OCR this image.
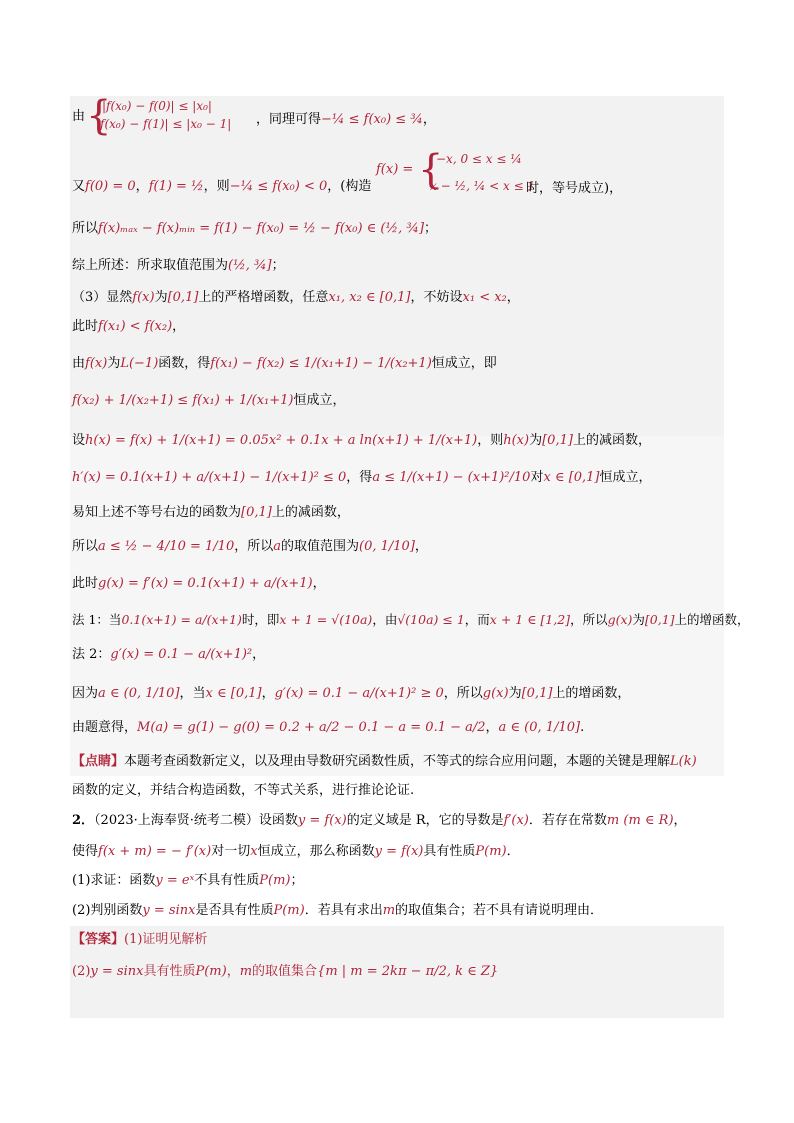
由 {
|f(x₀) − f(0)| ≤ |x₀|
|f(x₀) − f(1)| ≤ |x₀ − 1| ，同理可得−¼ ≤ f(x₀) ≤ ¾，
又f(0) = 0，f(1) = ½，则−¼ ≤ f(x₀) < 0，(构造
f(x) = {
−x, 0 ≤ x ≤ ¼
x − ½, ¼ < x ≤ 1
时，等号成立)，
所以f(x)ₘₐₓ − f(x)ₘᵢₙ = f(1) − f(x₀) = ½ − f(x₀) ∈ (½, ¾]；
综上所述：所求取值范围为(½, ¾]；
（3）显然f(x)为[0,1]上的严格增函数，任意x₁, x₂ ∈ [0,1]，不妨设x₁ < x₂，
此时f(x₁) < f(x₂)，
由f(x)为L(−1)函数，得f(x₁) − f(x₂) ≤ 1/(x₁+1) − 1/(x₂+1)恒成立，即
f(x₂) + 1/(x₂+1) ≤ f(x₁) + 1/(x₁+1)恒成立，
设h(x) = f(x) + 1/(x+1) = 0.05x² + 0.1x + a ln(x+1) + 1/(x+1)，则h(x)为[0,1]上的减函数，
h′(x) = 0.1(x+1) + a/(x+1) − 1/(x+1)² ≤ 0，得a ≤ 1/(x+1) − (x+1)²/10对x ∈ [0,1]恒成立，
易知上述不等号右边的函数为[0,1]上的减函数，
所以a ≤ ½ − 4/10 = 1/10，所以a的取值范围为(0, 1/10]，
此时g(x) = f′(x) = 0.1(x+1) + a/(x+1)，
法 1：当0.1(x+1) = a/(x+1)时，即x + 1 = √(10a)，由√(10a) ≤ 1，而x + 1 ∈ [1,2]，所以g(x)为[0,1]上的增函数，
法 2：g′(x) = 0.1 − a/(x+1)²，
因为a ∈ (0, 1/10]，当x ∈ [0,1]，g′(x) = 0.1 − a/(x+1)² ≥ 0，所以g(x)为[0,1]上的增函数，
由题意得，M(a) = g(1) − g(0) = 0.2 + a/2 − 0.1 − a = 0.1 − a/2，a ∈ (0, 1/10].
【点睛】本题考查函数新定义，以及理由导数研究函数性质，不等式的综合应用问题，本题的关键是理解L(k)
函数的定义，并结合构造函数，不等式关系，进行推论论证.
2．（2023·上海奉贤·统考二模）设函数y = f(x)的定义域是 R，它的导数是f′(x)．若存在常数m (m ∈ R)，
使得f(x + m) = − f′(x)对一切x恒成立，那么称函数y = f(x)具有性质P(m)．
(1)求证：函数y = eˣ不具有性质P(m)；
(2)判别函数y = sinx是否具有性质P(m)．若具有求出m的取值集合；若不具有请说明理由．
【答案】(1)证明见解析
(2)y = sinx具有性质P(m)，m的取值集合{m | m = 2kπ − π/2, k ∈ Z}
